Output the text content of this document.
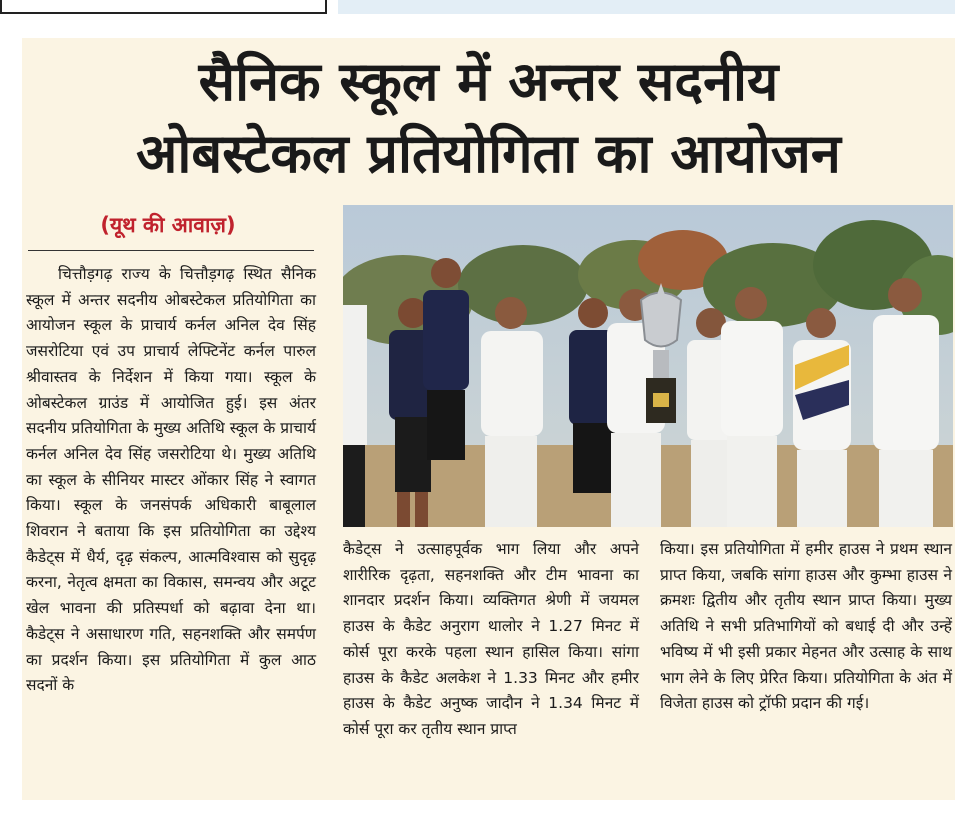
सैनिक स्कूल में अन्तर सदनीय

ओबस्टेकल प्रतियोगिता का आयोजन

(यूथ की आवाज़)

चित्तौड़गढ़ राज्य के चित्तौड़गढ़ स्थित सैनिक स्कूल में अन्तर सदनीय ओबस्टेकल प्रतियोगिता का आयोजन स्कूल के प्राचार्य कर्नल अनिल देव सिंह जसरोटिया एवं उप प्राचार्य लेफ्टिनेंट कर्नल पारुल श्रीवास्तव के निर्देशन में किया गया। स्कूल के ओबस्टेकल ग्राउंड में आयोजित हुई। इस अंतर सदनीय प्रतियोगिता के मुख्य अतिथि स्कूल के प्राचार्य कर्नल अनिल देव सिंह जसरोटिया थे। मुख्य अतिथि का स्कूल के सीनियर मास्टर ओंकार सिंह ने स्वागत किया। स्कूल के जनसंपर्क अधिकारी बाबूलाल शिवरान ने बताया कि इस प्रतियोगिता का उद्देश्य कैडेट्स में धैर्य, दृढ़ संकल्प, आत्मविश्वास को सुदृढ़ करना, नेतृत्व क्षमता का विकास, समन्वय और अटूट खेल भावना की प्रतिस्पर्धा को बढ़ावा देना था। कैडेट्स ने असाधारण गति, सहनशक्ति और समर्पण का प्रदर्शन किया। इस प्रतियोगिता में कुल आठ सदनों के

कैडेट्स ने उत्साहपूर्वक भाग लिया और अपने शारीरिक दृढ़ता, सहनशक्ति और टीम भावना का शानदार प्रदर्शन किया। व्यक्तिगत श्रेणी में जयमल हाउस के कैडेट अनुराग थालोर ने 1.27 मिनट में कोर्स पूरा करके पहला स्थान हासिल किया। सांगा हाउस के कैडेट अलकेश ने 1.33 मिनट और हमीर हाउस के कैडेट अनुष्क जादौन ने 1.34 मिनट में कोर्स पूरा कर तृतीय स्थान प्राप्त

किया। इस प्रतियोगिता में हमीर हाउस ने प्रथम स्थान प्राप्त किया, जबकि सांगा हाउस और कुम्भा हाउस ने क्रमशः द्वितीय और तृतीय स्थान प्राप्त किया। मुख्य अतिथि ने सभी प्रतिभागियों को बधाई दी और उन्हें भविष्य में भी इसी प्रकार मेहनत और उत्साह के साथ भाग लेने के लिए प्रेरित किया। प्रतियोगिता के अंत में विजेता हाउस को ट्रॉफी प्रदान की गई।
